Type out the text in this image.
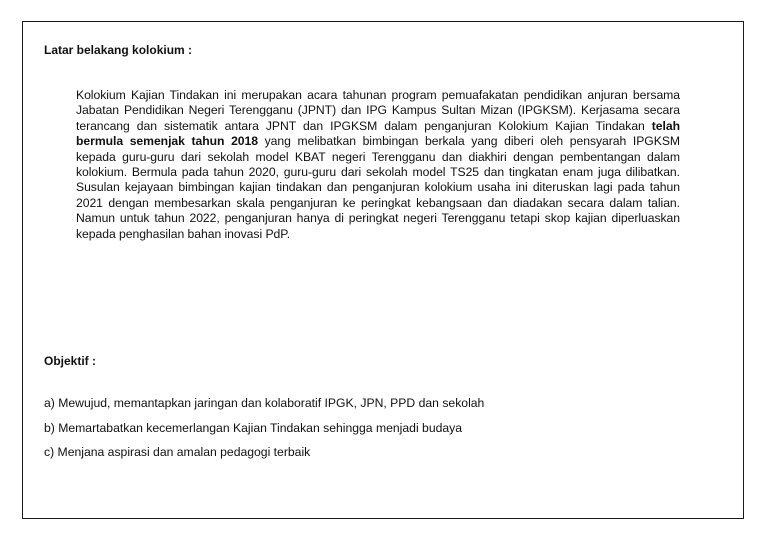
Latar belakang kolokium :

Kolokium Kajian Tindakan ini merupakan acara tahunan program pemuafakatan pendidikan anjuran bersama Jabatan Pendidikan Negeri Terengganu (JPNT) dan IPG Kampus Sultan Mizan (IPGKSM). Kerjasama secara terancang dan sistematik antara JPNT dan IPGKSM dalam penganjuran Kolokium Kajian Tindakan telah bermula semenjak tahun 2018 yang melibatkan bimbingan berkala yang diberi oleh pensyarah IPGKSM kepada guru-guru dari sekolah model KBAT negeri Terengganu dan diakhiri dengan pembentangan dalam kolokium. Bermula pada tahun 2020, guru-guru dari sekolah model TS25 dan tingkatan enam juga dilibatkan. Susulan kejayaan bimbingan kajian tindakan dan penganjuran kolokium usaha ini diteruskan lagi pada tahun 2021 dengan membesarkan skala penganjuran ke peringkat kebangsaan dan diadakan secara dalam talian. Namun untuk tahun 2022, penganjuran hanya di peringkat negeri Terengganu tetapi skop kajian diperluaskan kepada penghasilan bahan inovasi PdP.

Objektif :
a) Mewujud, memantapkan jaringan dan kolaboratif IPGK, JPN, PPD dan sekolah
b) Memartabatkan kecemerlangan Kajian Tindakan sehingga menjadi budaya
c) Menjana aspirasi dan amalan pedagogi terbaik
